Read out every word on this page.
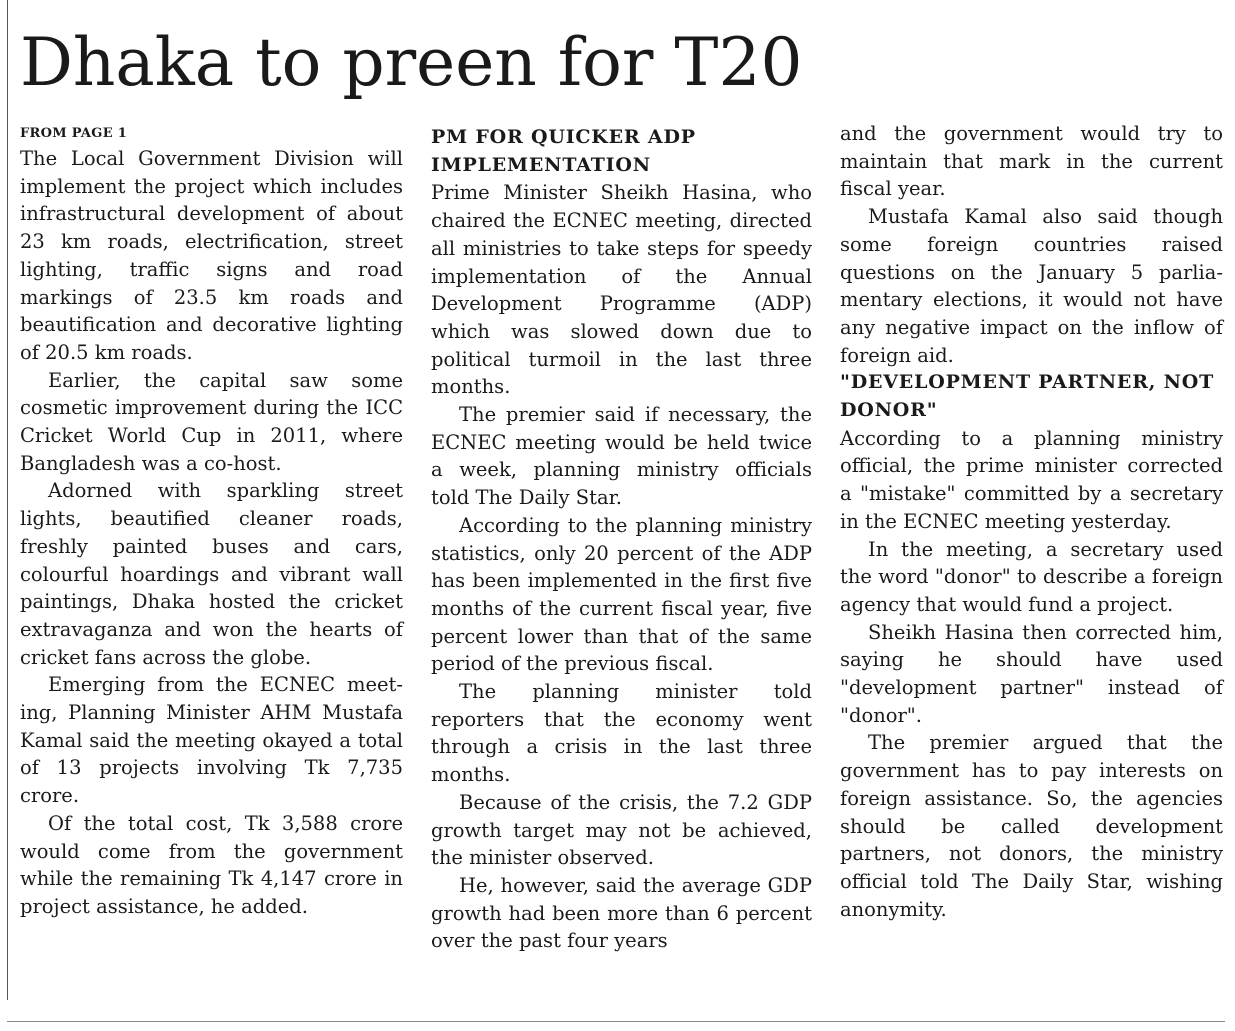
Dhaka to preen for T20
FROM PAGE 1

The Local Government Division will implement the project which includes infrastructural development of about 23 km roads, electrification, street lighting, traffic signs and road markings of 23.5 km roads and beautification and decorative lighting of 20.5 km roads.

Earlier, the capital saw some cosmetic improvement during the ICC Cricket World Cup in 2011, where Bangladesh was a co-host.

Adorned with sparkling street lights, beautified cleaner roads, freshly painted buses and cars, colourful hoardings and vibrant wall paintings, Dhaka hosted the cricket extravaganza and won the hearts of cricket fans across the globe.

Emerging from the ECNEC meeting, Planning Minister AHM Mustafa Kamal said the meeting okayed a total of 13 projects involving Tk 7,735 crore.

Of the total cost, Tk 3,588 crore would come from the government while the remaining Tk 4,147 crore in project assistance, he added.

PM FOR QUICKER ADP IMPLEMENTATION

Prime Minister Sheikh Hasina, who chaired the ECNEC meeting, directed all ministries to take steps for speedy implementation of the Annual Development Programme (ADP) which was slowed down due to political turmoil in the last three months.

The premier said if necessary, the ECNEC meeting would be held twice a week, planning ministry officials told The Daily Star.

According to the planning ministry statistics, only 20 percent of the ADP has been implemented in the first five months of the current fiscal year, five percent lower than that of the same period of the previous fiscal.

The planning minister told reporters that the economy went through a crisis in the last three months.

Because of the crisis, the 7.2 GDP growth target may not be achieved, the minister observed.

He, however, said the average GDP growth had been more than 6 percent over the past four years

and the government would try to maintain that mark in the current fiscal year.

Mustafa Kamal also said though some foreign countries raised questions on the January 5 parliamentary elections, it would not have any negative impact on the inflow of foreign aid.

"DEVELOPMENT PARTNER, NOT DONOR"

According to a planning ministry official, the prime minister corrected a "mistake" committed by a secretary in the ECNEC meeting yesterday.

In the meeting, a secretary used the word "donor" to describe a foreign agency that would fund a project.

Sheikh Hasina then corrected him, saying he should have used "development partner" instead of "donor".

The premier argued that the government has to pay interests on foreign assistance. So, the agencies should be called development partners, not donors, the ministry official told The Daily Star, wishing anonymity.
